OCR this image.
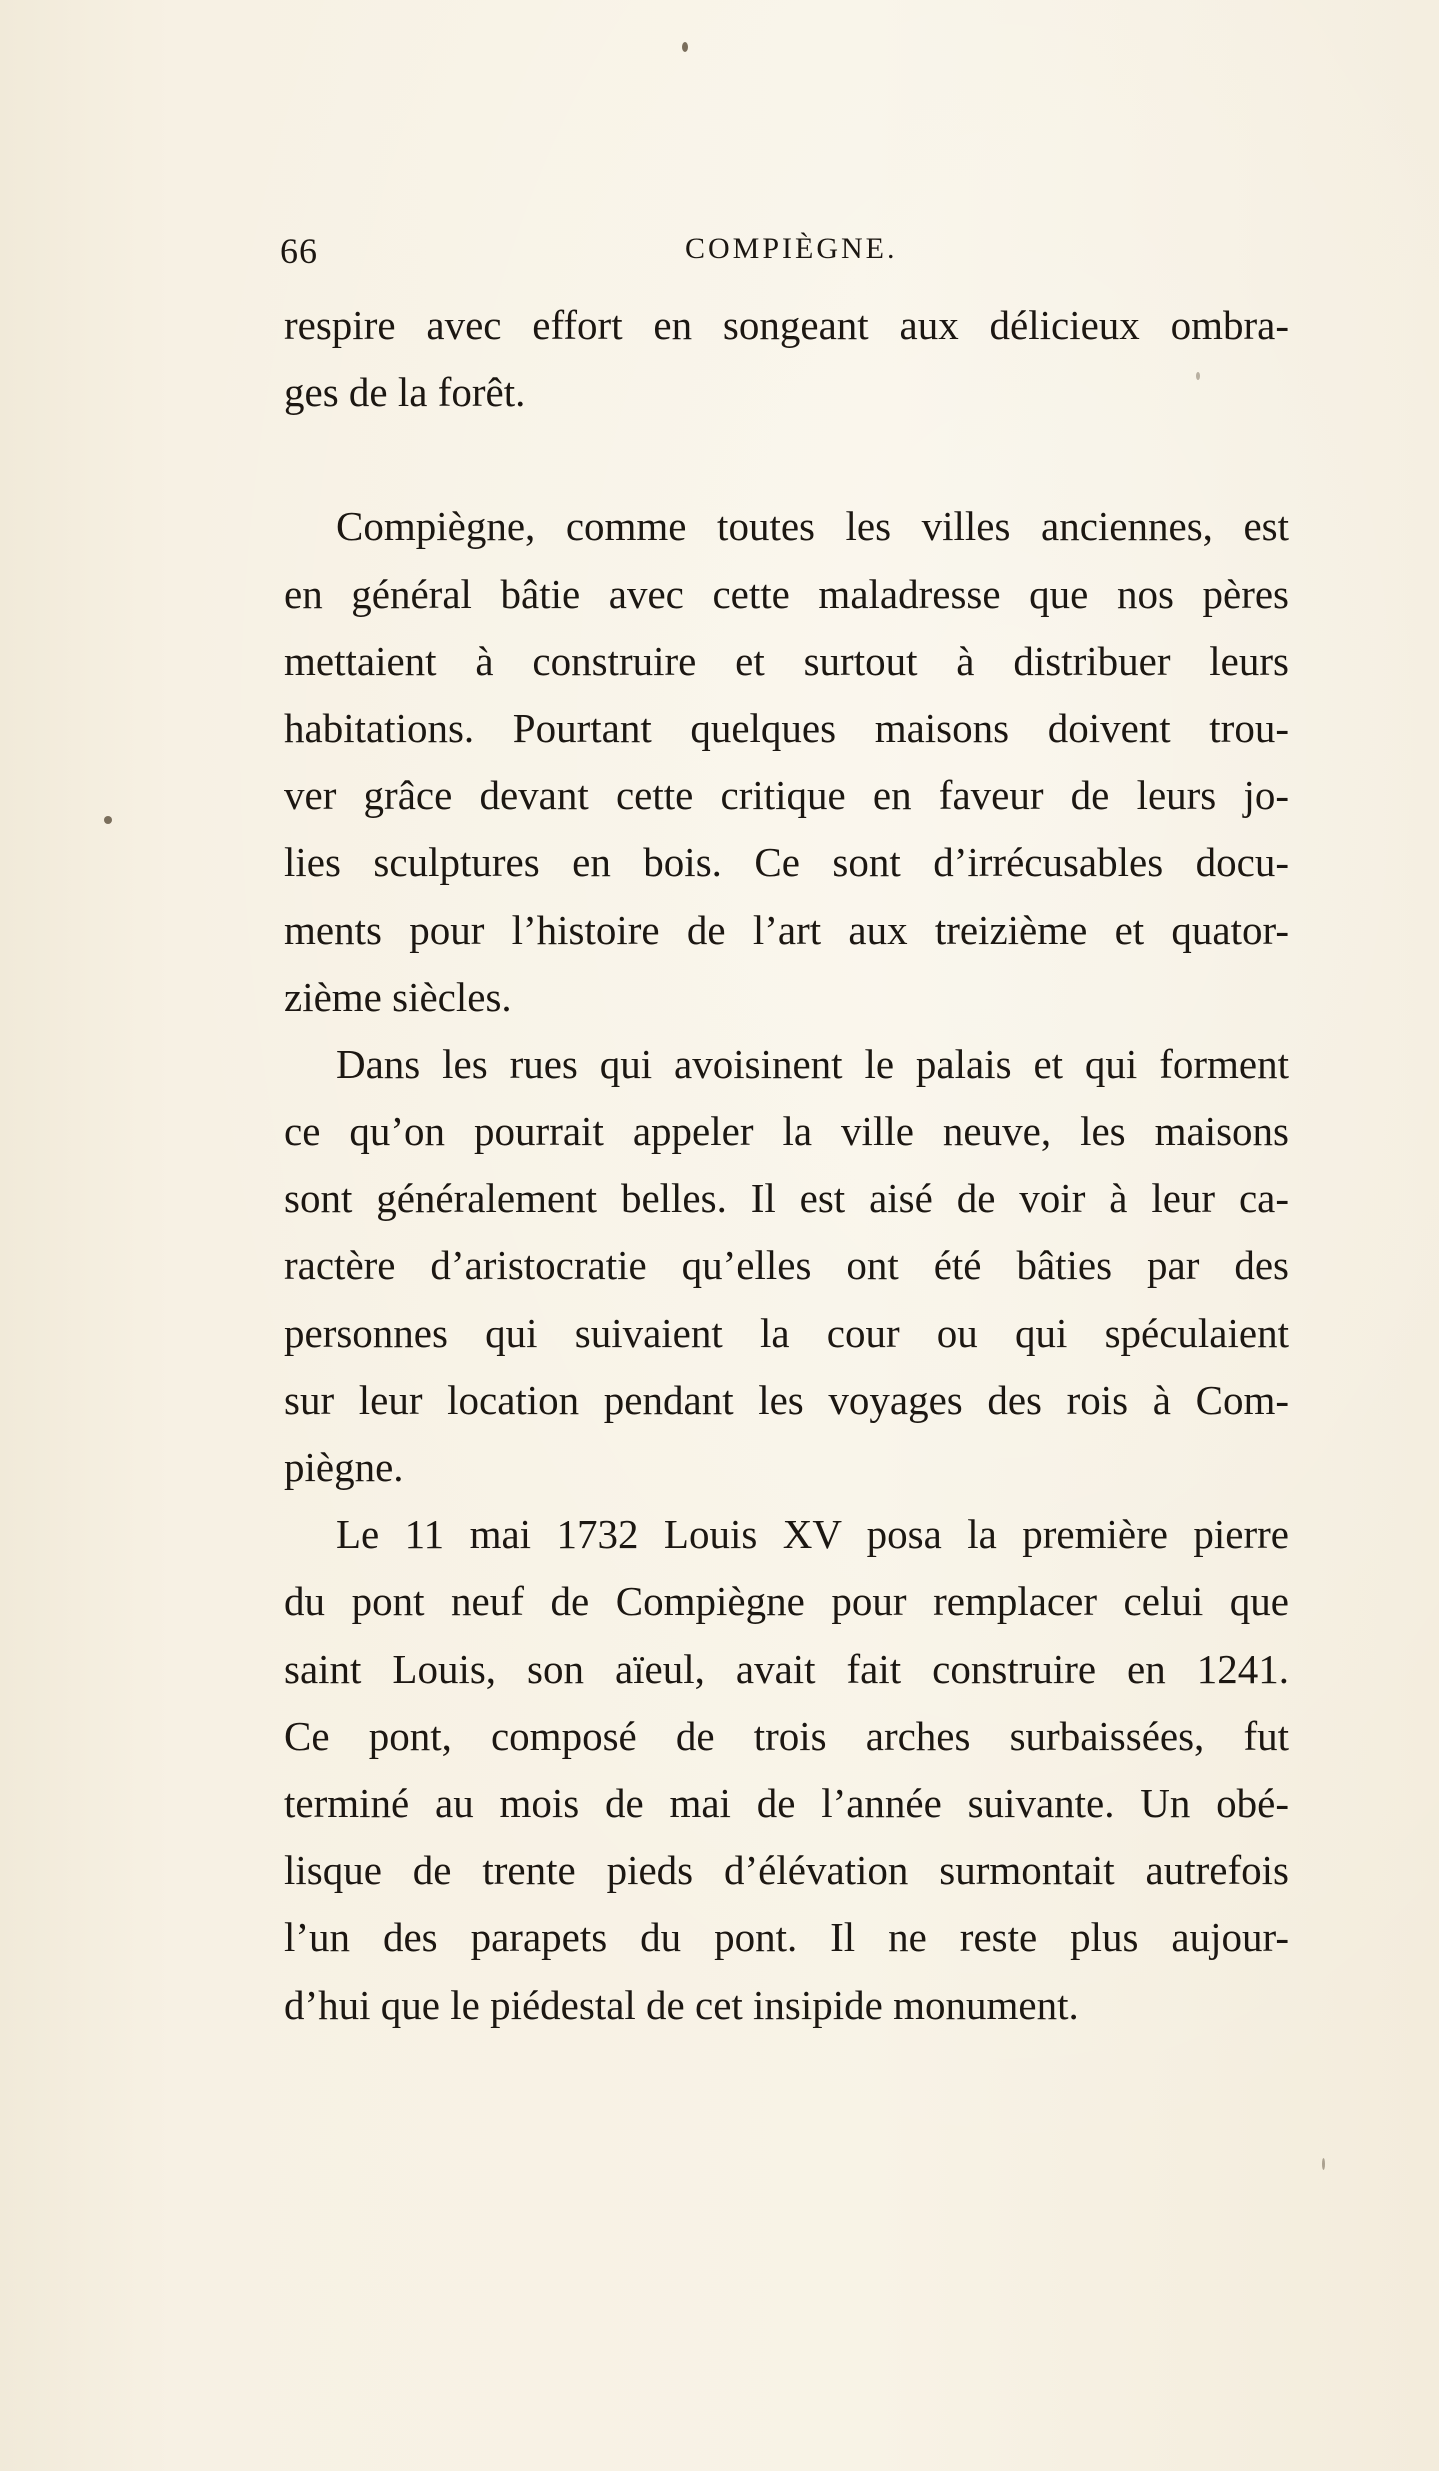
66	COMPIÈGNE.
respire avec effort en songeant aux délicieux ombra-
ges de la forêt.
Compiègne, comme toutes les villes anciennes, est
en général bâtie avec cette maladresse que nos pères
mettaient à construire et surtout à distribuer leurs
habitations. Pourtant quelques maisons doivent trou-
ver grâce devant cette critique en faveur de leurs jo-
lies sculptures en bois. Ce sont d’irrécusables docu-
ments pour l’histoire de l’art aux treizième et quator-
zième siècles.
Dans les rues qui avoisinent le palais et qui forment
ce qu’on pourrait appeler la ville neuve, les maisons
sont généralement belles. Il est aisé de voir à leur ca-
ractère d’aristocratie qu’elles ont été bâties par des
personnes qui suivaient la cour ou qui spéculaient
sur leur location pendant les voyages des rois à Com-
piègne.
Le 11 mai 1732 Louis XV posa la première pierre
du pont neuf de Compiègne pour remplacer celui que
saint Louis, son aïeul, avait fait construire en 1241.
Ce pont, composé de trois arches surbaissées, fut
terminé au mois de mai de l’année suivante. Un obé-
lisque de trente pieds d’élévation surmontait autrefois
l’un des parapets du pont. Il ne reste plus aujour-
d’hui que le piédestal de cet insipide monument.
